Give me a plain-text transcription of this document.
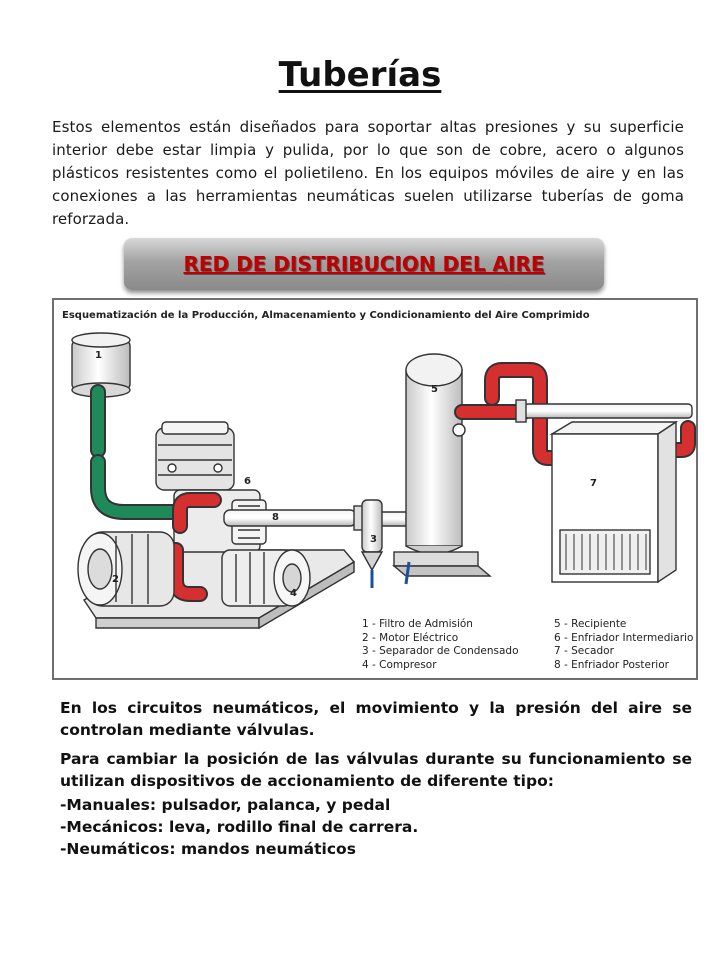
Tuberías
Estos elementos están diseñados para soportar altas presiones y su superficie interior debe estar limpia y pulida, por lo que son de cobre, acero o algunos plásticos resistentes como el polietileno. En los equipos móviles de aire y en las conexiones a las herramientas neumáticas suelen utilizarse tuberías de goma reforzada.
RED DE DISTRIBUCION DEL AIRE
Esquematización de la Producción, Almacenamiento y Condicionamiento del Aire Comprimido
1
2
3
4
5
6	7
8
1 - Filtro de Admisión
2 - Motor Eléctrico
3 - Separador de Condensado
4 - Compresor
5 - Recipiente
6 - Enfriador Intermediario
7 - Secador
8 - Enfriador Posterior
En los circuitos neumáticos, el movimiento y la presión del aire se controlan mediante válvulas.
Para cambiar la posición de las válvulas durante su funcionamiento se utilizan dispositivos de accionamiento de diferente tipo:
-Manuales: pulsador, palanca, y pedal
-Mecánicos: leva, rodillo final de carrera.
-Neumáticos: mandos neumáticos
